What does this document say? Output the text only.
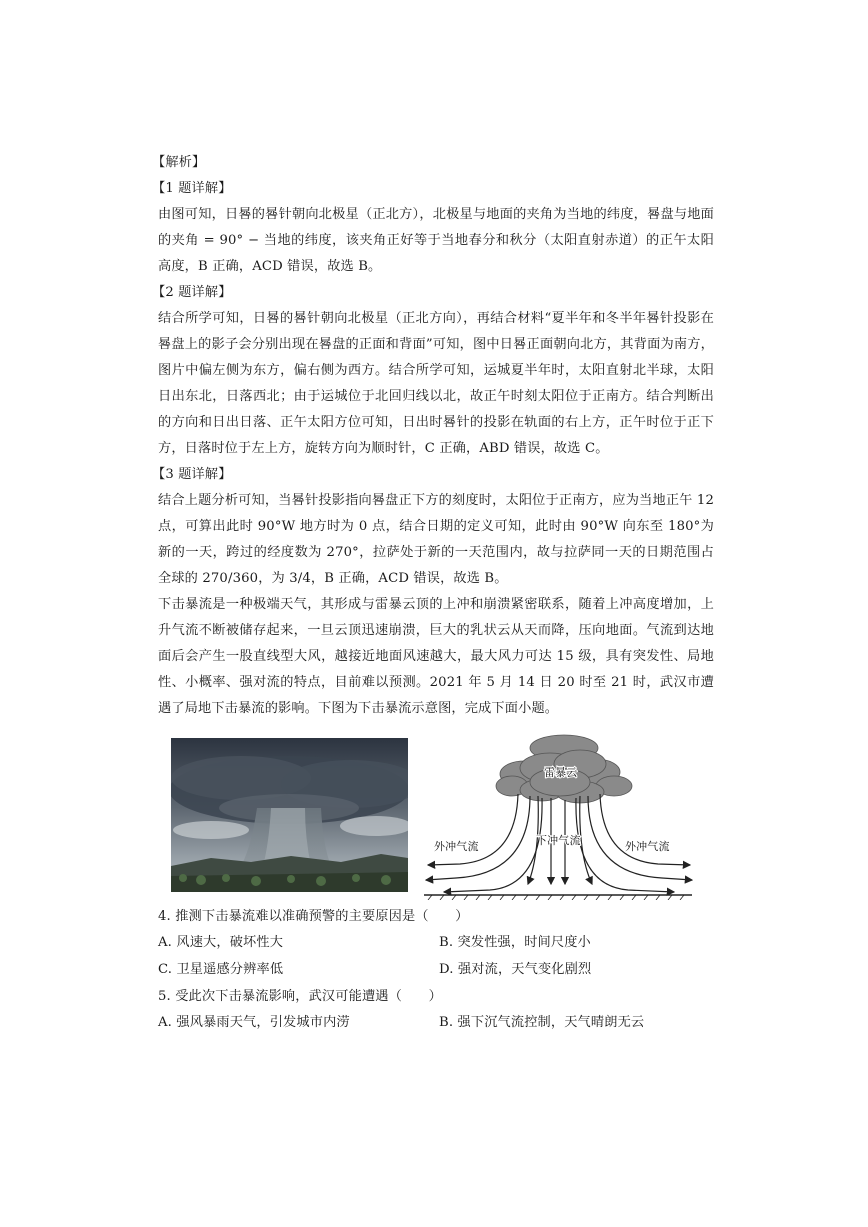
【解析】

【1 题详解】

由图可知，日晷的晷针朝向北极星（正北方），北极星与地面的夹角为当地的纬度，晷盘与地面的夹角 = 90° − 当地的纬度，该夹角正好等于当地春分和秋分（太阳直射赤道）的正午太阳高度，B 正确，ACD 错误，故选 B。

【2 题详解】

结合所学可知，日晷的晷针朝向北极星（正北方向），再结合材料“夏半年和冬半年晷针投影在晷盘上的影子会分别出现在晷盘的正面和背面”可知，图中日晷正面朝向北方，其背面为南方，图片中偏左侧为东方，偏右侧为西方。结合所学可知，运城夏半年时，太阳直射北半球，太阳日出东北，日落西北；由于运城位于北回归线以北，故正午时刻太阳位于正南方。结合判断出的方向和日出日落、正午太阳方位可知，日出时晷针的投影在轨面的右上方，正午时位于正下方，日落时位于左上方，旋转方向为顺时针，C 正确，ABD 错误，故选 C。

【3 题详解】

结合上题分析可知，当晷针投影指向晷盘正下方的刻度时，太阳位于正南方，应为当地正午 12 点，可算出此时 90°W 地方时为 0 点，结合日期的定义可知，此时由 90°W 向东至 180°为新的一天，跨过的经度数为 270°，拉萨处于新的一天范围内，故与拉萨同一天的日期范围占全球的 270/360，为 3/4，B 正确，ACD 错误，故选 B。

下击暴流是一种极端天气，其形成与雷暴云顶的上冲和崩溃紧密联系，随着上冲高度增加，上升气流不断被储存起来，一旦云顶迅速崩溃，巨大的乳状云从天而降，压向地面。气流到达地面后会产生一股直线型大风，越接近地面风速越大，最大风力可达 15 级，具有突发性、局地性、小概率、强对流的特点，目前难以预测。2021 年 5 月 14 日 20 时至 21 时，武汉市遭遇了局地下击暴流的影响。下图为下击暴流示意图，完成下面小题。

雷暴云
下冲气流
外冲气流	外冲气流

4. 推测下击暴流难以准确预警的主要原因是（　　）

A. 风速大，破坏性大	B. 突发性强，时间尺度小
C. 卫星遥感分辨率低	D. 强对流，天气变化剧烈

5. 受此次下击暴流影响，武汉可能遭遇（　　）

A. 强风暴雨天气，引发城市内涝	B. 强下沉气流控制，天气晴朗无云
